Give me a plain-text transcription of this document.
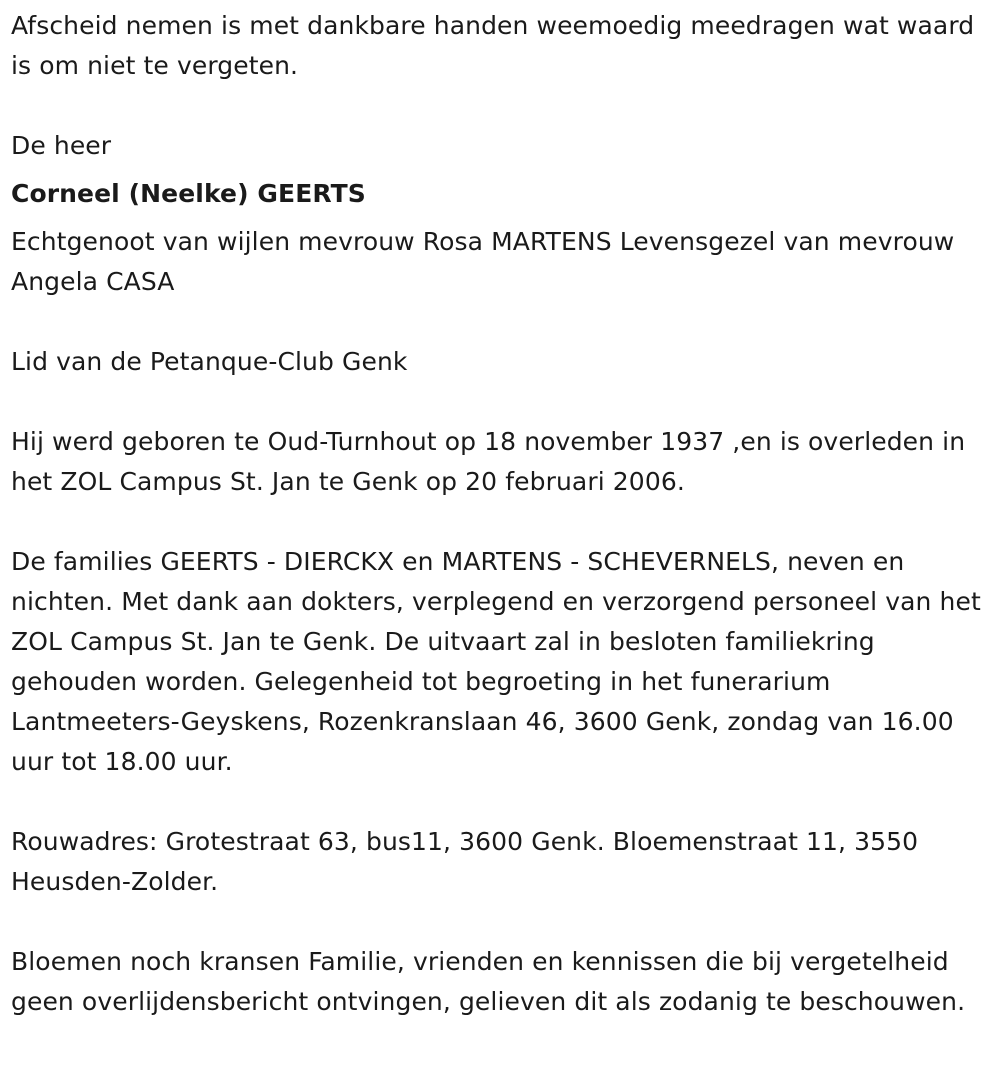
Afscheid nemen is met dankbare handen weemoedig meedragen wat waard is om niet te vergeten.

De heer

Corneel (Neelke) GEERTS

Echtgenoot van wijlen mevrouw Rosa MARTENS Levensgezel van mevrouw Angela CASA

Lid van de Petanque-Club Genk

Hij werd geboren te Oud-Turnhout op 18 november 1937 ,en is overleden in het ZOL Campus St. Jan te Genk op 20 februari 2006.

De families GEERTS - DIERCKX en MARTENS - SCHEVERNELS, neven en nichten. Met dank aan dokters, verplegend en verzorgend personeel van het ZOL Campus St. Jan te Genk. De uitvaart zal in besloten familiekring gehouden worden. Gelegenheid tot begroeting in het funerarium Lantmeeters-Geyskens, Rozenkranslaan 46, 3600 Genk, zondag van 16.00 uur tot 18.00 uur.

Rouwadres: Grotestraat 63, bus11, 3600 Genk. Bloemenstraat 11, 3550 Heusden-Zolder.

Bloemen noch kransen Familie, vrienden en kennissen die bij vergetelheid geen overlijdensbericht ontvingen, gelieven dit als zodanig te beschouwen.
